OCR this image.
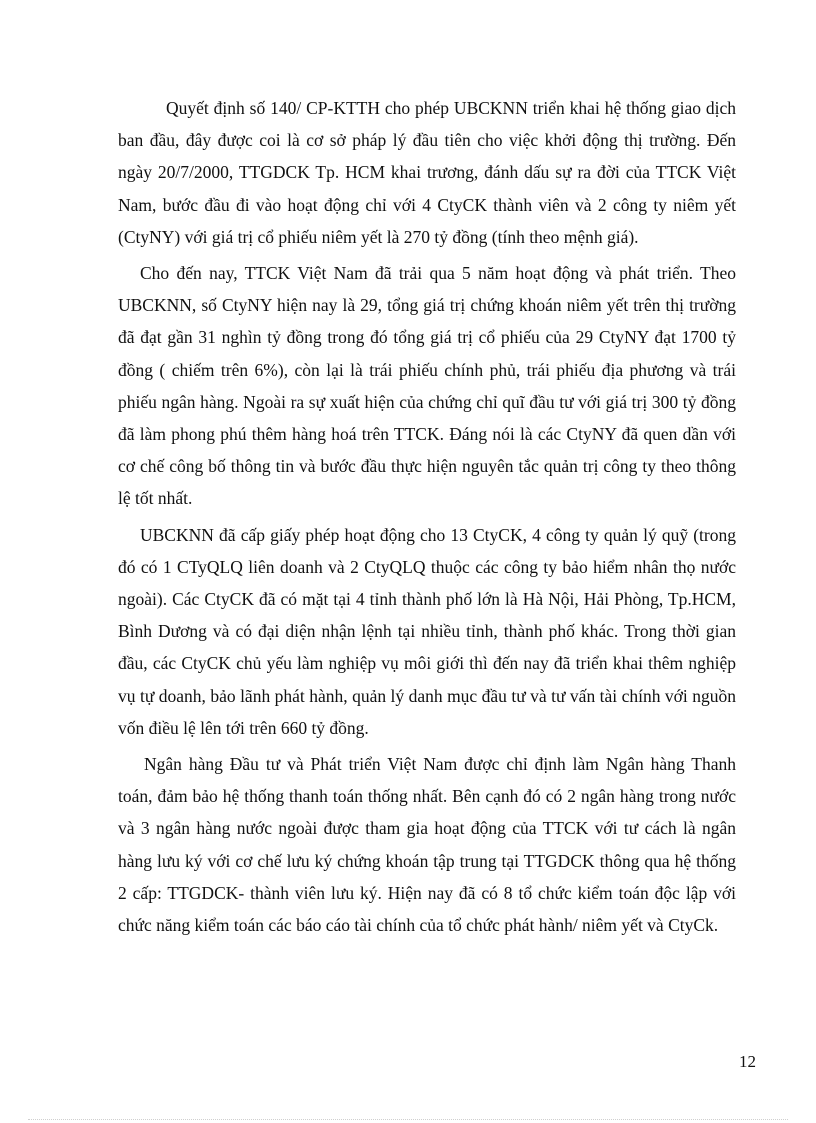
Quyết định số 140/ CP-KTTH cho phép UBCKNN triển khai hệ thống giao dịch ban đầu, đây được coi là cơ sở pháp lý đầu tiên cho việc khởi động thị trường. Đến ngày 20/7/2000, TTGDCK Tp. HCM khai trương, đánh dấu sự ra đời của TTCK Việt Nam, bước đầu đi vào hoạt động chỉ với 4 CtyCK thành viên và 2 công ty niêm yết (CtyNY) với giá trị cổ phiếu niêm yết là 270 tỷ đồng (tính theo mệnh giá).

Cho đến nay, TTCK Việt Nam đã trải qua 5 năm hoạt động và phát triển. Theo UBCKNN, số CtyNY hiện nay là 29, tổng giá trị chứng khoán niêm yết trên thị trường đã đạt gần 31 nghìn tỷ đồng trong đó tổng giá trị cổ phiếu của 29 CtyNY đạt 1700 tỷ đồng ( chiếm trên 6%), còn lại là trái phiếu chính phủ, trái phiếu địa phương và trái phiếu ngân hàng. Ngoài ra sự xuất hiện của chứng chỉ quĩ đầu tư với giá trị 300 tỷ đồng đã làm phong phú thêm hàng hoá trên TTCK. Đáng nói là các CtyNY đã quen dần với cơ chế công bố thông tin và bước đầu thực hiện nguyên tắc quản trị công ty theo thông lệ tốt nhất.

UBCKNN đã cấp giấy phép hoạt động cho 13 CtyCK, 4 công ty quản lý quỹ (trong đó có 1 CTyQLQ liên doanh và 2 CtyQLQ thuộc các công ty bảo hiểm nhân thọ nước ngoài). Các CtyCK đã có mặt tại 4 tỉnh thành phố lớn là Hà Nội, Hải Phòng, Tp.HCM, Bình Dương và có đại diện nhận lệnh tại nhiều tỉnh, thành phố khác. Trong thời gian đầu, các CtyCK chủ yếu làm nghiệp vụ môi giới thì đến nay đã triển khai thêm nghiệp vụ tự doanh, bảo lãnh phát hành, quản lý danh mục đầu tư và tư vấn tài chính với nguồn vốn điều lệ lên tới trên 660 tỷ đồng.

Ngân hàng Đầu tư và Phát triển Việt Nam được chỉ định làm Ngân hàng Thanh toán, đảm bảo hệ thống thanh toán thống nhất. Bên cạnh đó có 2 ngân hàng trong nước và 3 ngân hàng nước ngoài được tham gia hoạt động của TTCK với tư cách là ngân hàng lưu ký với cơ chế lưu ký chứng khoán tập trung tại TTGDCK thông qua hệ thống 2 cấp: TTGDCK- thành viên lưu ký. Hiện nay đã có 8 tổ chức kiểm toán độc lập với chức năng kiểm toán các báo cáo tài chính của tổ chức phát hành/ niêm yết và CtyCk.

12
